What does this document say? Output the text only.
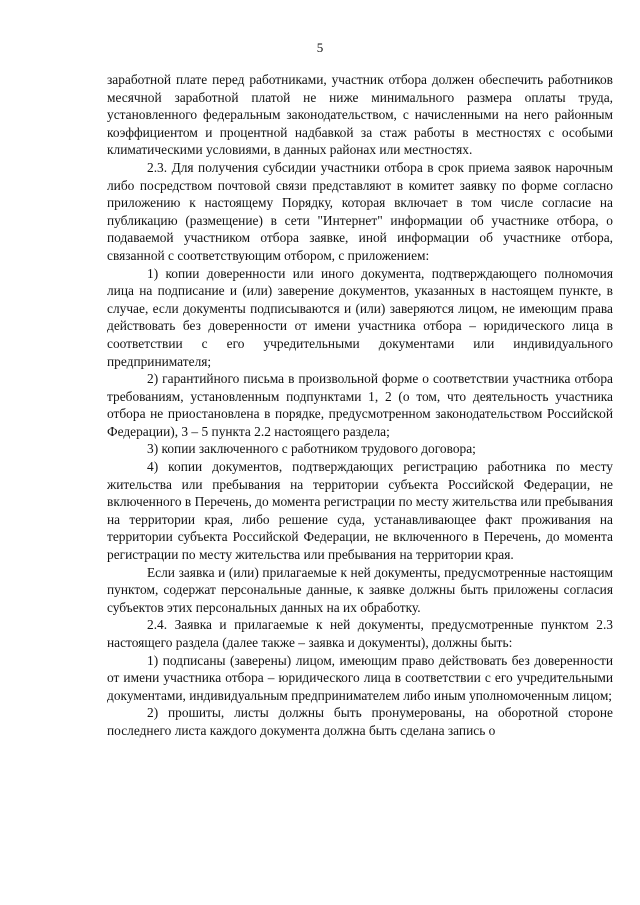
5

заработной плате перед работниками, участник отбора должен обеспечить работников месячной заработной платой не ниже минимального размера оплаты труда, установленного федеральным законодательством, с начисленными на него районным коэффициентом и процентной надбавкой за стаж работы в местностях с особыми климатическими условиями, в данных районах или местностях.

2.3. Для получения субсидии участники отбора в срок приема заявок нарочным либо посредством почтовой связи представляют в комитет заявку по форме согласно приложению к настоящему Порядку, которая включает в том числе согласие на публикацию (размещение) в сети "Интернет" информации об участнике отбора, о подаваемой участником отбора заявке, иной информации об участнике отбора, связанной с соответствующим отбором, с приложением:

1) копии доверенности или иного документа, подтверждающего полномочия лица на подписание и (или) заверение документов, указанных в настоящем пункте, в случае, если документы подписываются и (или) заверяются лицом, не имеющим права действовать без доверенности от имени участника отбора – юридического лица в соответствии с его учредительными документами или индивидуального предпринимателя;

2) гарантийного письма в произвольной форме о соответствии участника отбора требованиям, установленным подпунктами 1, 2 (о том, что деятельность участника отбора не приостановлена в порядке, предусмотренном законодательством Российской Федерации), 3 – 5 пункта 2.2 настоящего раздела;

3) копии заключенного с работником трудового договора;

4) копии документов, подтверждающих регистрацию работника по месту жительства или пребывания на территории субъекта Российской Федерации, не включенного в Перечень, до момента регистрации по месту жительства или пребывания на территории края, либо решение суда, устанавливающее факт проживания на территории субъекта Российской Федерации, не включенного в Перечень, до момента регистрации по месту жительства или пребывания на территории края.

Если заявка и (или) прилагаемые к ней документы, предусмотренные настоящим пунктом, содержат персональные данные, к заявке должны быть приложены согласия субъектов этих персональных данных на их обработку.

2.4. Заявка и прилагаемые к ней документы, предусмотренные пунктом 2.3 настоящего раздела (далее также – заявка и документы), должны быть:

1) подписаны (заверены) лицом, имеющим право действовать без доверенности от имени участника отбора – юридического лица в соответствии с его учредительными документами, индивидуальным предпринимателем либо иным уполномоченным лицом;

2) прошиты, листы должны быть пронумерованы, на оборотной стороне последнего листа каждого документа должна быть сделана запись о
